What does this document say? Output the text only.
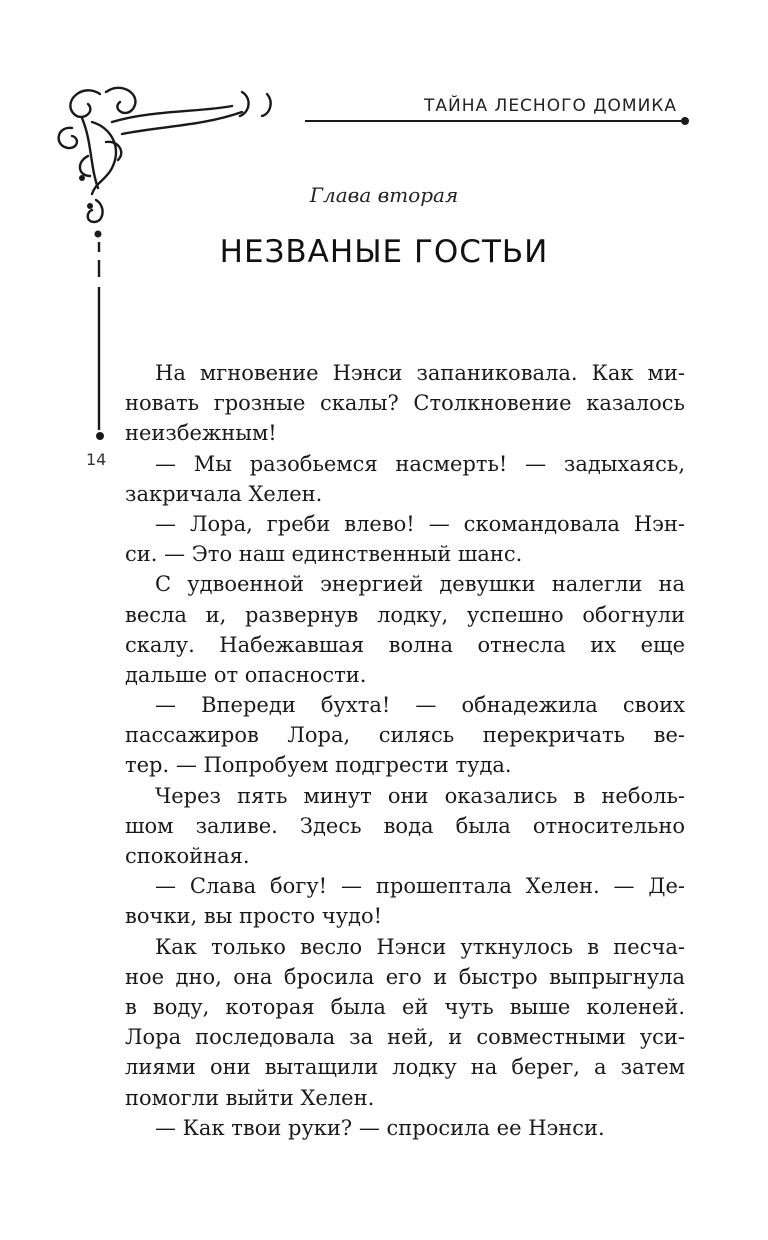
ТАЙНА ЛЕСНОГО ДОМИКА
14
Глава вторая
НЕЗВАНЫЕ ГОСТЬИ
На мгновение Нэнси запаниковала. Как ми-
новать грозные скалы? Столкновение казалось
неизбежным!
— Мы разобьемся насмерть! — задыхаясь,
закричала Хелен.
— Лора, греби влево! — скомандовала Нэн-
си. — Это наш единственный шанс.
С удвоенной энергией девушки налегли на
весла и, развернув лодку, успешно обогнули
скалу. Набежавшая волна отнесла их еще
дальше от опасности.
— Впереди бухта! — обнадежила своих
пассажиров Лора, силясь перекричать ве-
тер. — Попробуем подгрести туда.
Через пять минут они оказались в неболь-
шом заливе. Здесь вода была относительно
спокойная.
— Слава богу! — прошептала Хелен. — Де-
вочки, вы просто чудо!
Как только весло Нэнси уткнулось в песча-
ное дно, она бросила его и быстро выпрыгнула
в воду, которая была ей чуть выше коленей.
Лора последовала за ней, и совместными уси-
лиями они вытащили лодку на берег, а затем
помогли выйти Хелен.
— Как твои руки? — спросила ее Нэнси.
